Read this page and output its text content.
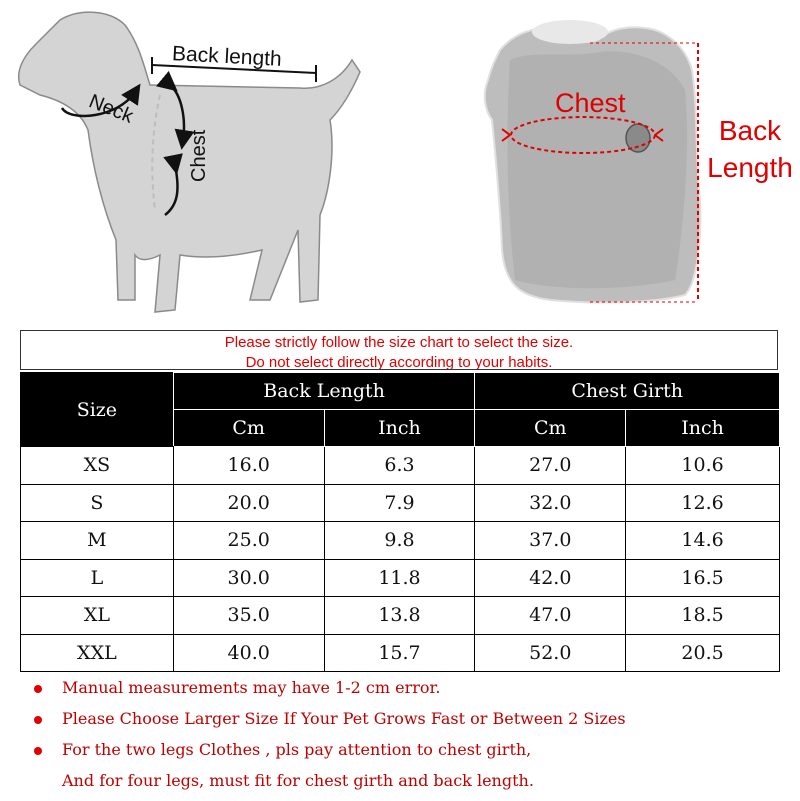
Back length
Neck
Chest
Chest
Back Length
Please strictly follow the size chart to select the size.
Do not select directly according to your habits.
Size	Back Length		Chest Girth	
	Cm	Inch	Cm	Inch
XS	16.0	6.3	27.0	10.6
S	20.0	7.9	32.0	12.6
M	25.0	9.8	37.0	14.6
L	30.0	11.8	42.0	16.5
XL	35.0	13.8	47.0	18.5
XXL	40.0	15.7	52.0	20.5
Manual measurements may have 1-2 cm error.
Please Choose Larger Size If Your Pet Grows Fast or Between 2 Sizes
For the two legs Clothes , pls pay attention to chest girth,
And for four legs, must fit for chest girth and back length.
